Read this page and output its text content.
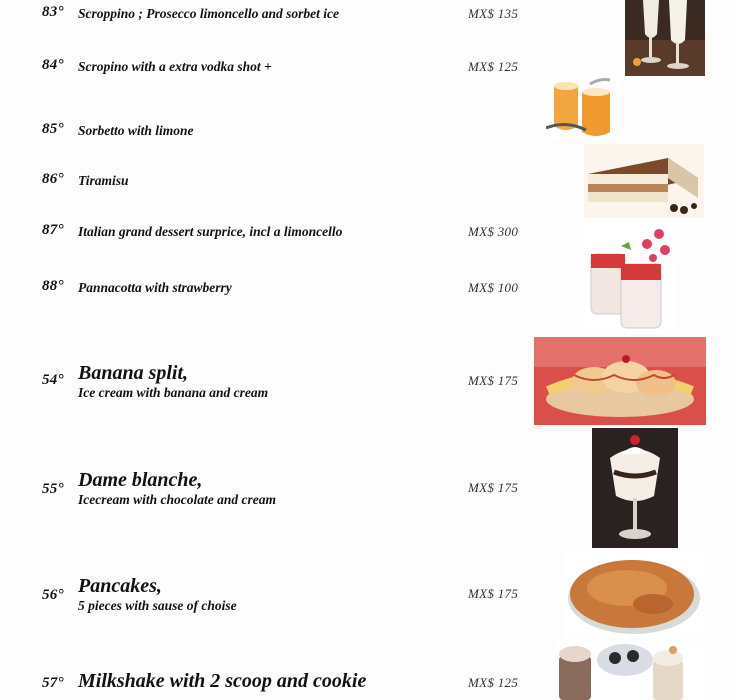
83° Scroppino ; Prosecco limoncello and sorbet ice	MX$ 135
84° Scropino with a extra vodka shot +	MX$ 125
85° Sorbetto with limone
86° Tiramisu
87° Italian grand dessert surprice, incl a limoncello	MX$ 300
88° Pannacotta with strawberry	MX$ 100
54° Banana split,
Ice cream with banana and cream
MX$ 175
55° Dame blanche,
Icecream with chocolate and cream
MX$ 175
56° Pancakes,
5 pieces with sause of choise
MX$ 175
57° Milkshake with 2 scoop and cookie	MX$ 125
